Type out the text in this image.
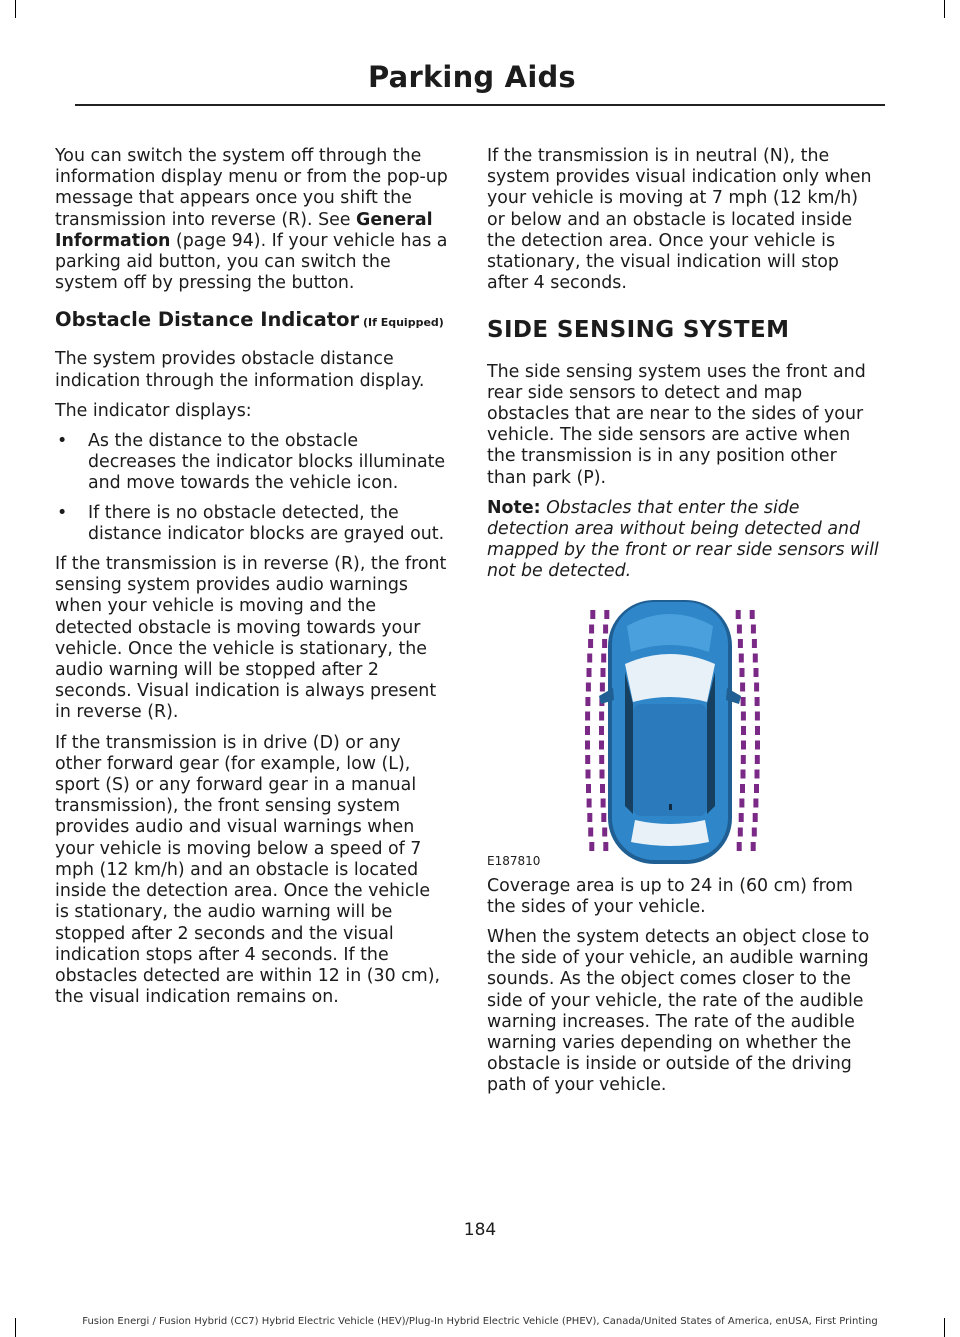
Parking Aids

You can switch the system off through the information display menu or from the pop-up message that appears once you shift the transmission into reverse (R). See General Information (page 94). If your vehicle has a parking aid button, you can switch the system off by pressing the button.

Obstacle Distance Indicator (If Equipped)

The system provides obstacle distance indication through the information display.

The indicator displays:

• As the distance to the obstacle decreases the indicator blocks illuminate and move towards the vehicle icon.
• If there is no obstacle detected, the distance indicator blocks are grayed out.

If the transmission is in reverse (R), the front sensing system provides audio warnings when your vehicle is moving and the detected obstacle is moving towards your vehicle. Once the vehicle is stationary, the audio warning will be stopped after 2 seconds. Visual indication is always present in reverse (R).

If the transmission is in drive (D) or any other forward gear (for example, low (L), sport (S) or any forward gear in a manual transmission), the front sensing system provides audio and visual warnings when your vehicle is moving below a speed of 7 mph (12 km/h) and an obstacle is located inside the detection area. Once the vehicle is stationary, the audio warning will be stopped after 2 seconds and the visual indication stops after 4 seconds. If the obstacles detected are within 12 in (30 cm), the visual indication remains on.

If the transmission is in neutral (N), the system provides visual indication only when your vehicle is moving at 7 mph (12 km/h) or below and an obstacle is located inside the detection area. Once your vehicle is stationary, the visual indication will stop after 4 seconds.

SIDE SENSING SYSTEM

The side sensing system uses the front and rear side sensors to detect and map obstacles that are near to the sides of your vehicle. The side sensors are active when the transmission is in any position other than park (P).

Note: Obstacles that enter the side detection area without being detected and mapped by the front or rear side sensors will not be detected.

E187810

Coverage area is up to 24 in (60 cm) from the sides of your vehicle.

When the system detects an object close to the side of your vehicle, an audible warning sounds. As the object comes closer to the side of your vehicle, the rate of the audible warning increases. The rate of the audible warning varies depending on whether the obstacle is inside or outside of the driving path of your vehicle.

184
Fusion Energi / Fusion Hybrid (CC7) Hybrid Electric Vehicle (HEV)/Plug-In Hybrid Electric Vehicle (PHEV), Canada/United States of America, enUSA, First Printing
